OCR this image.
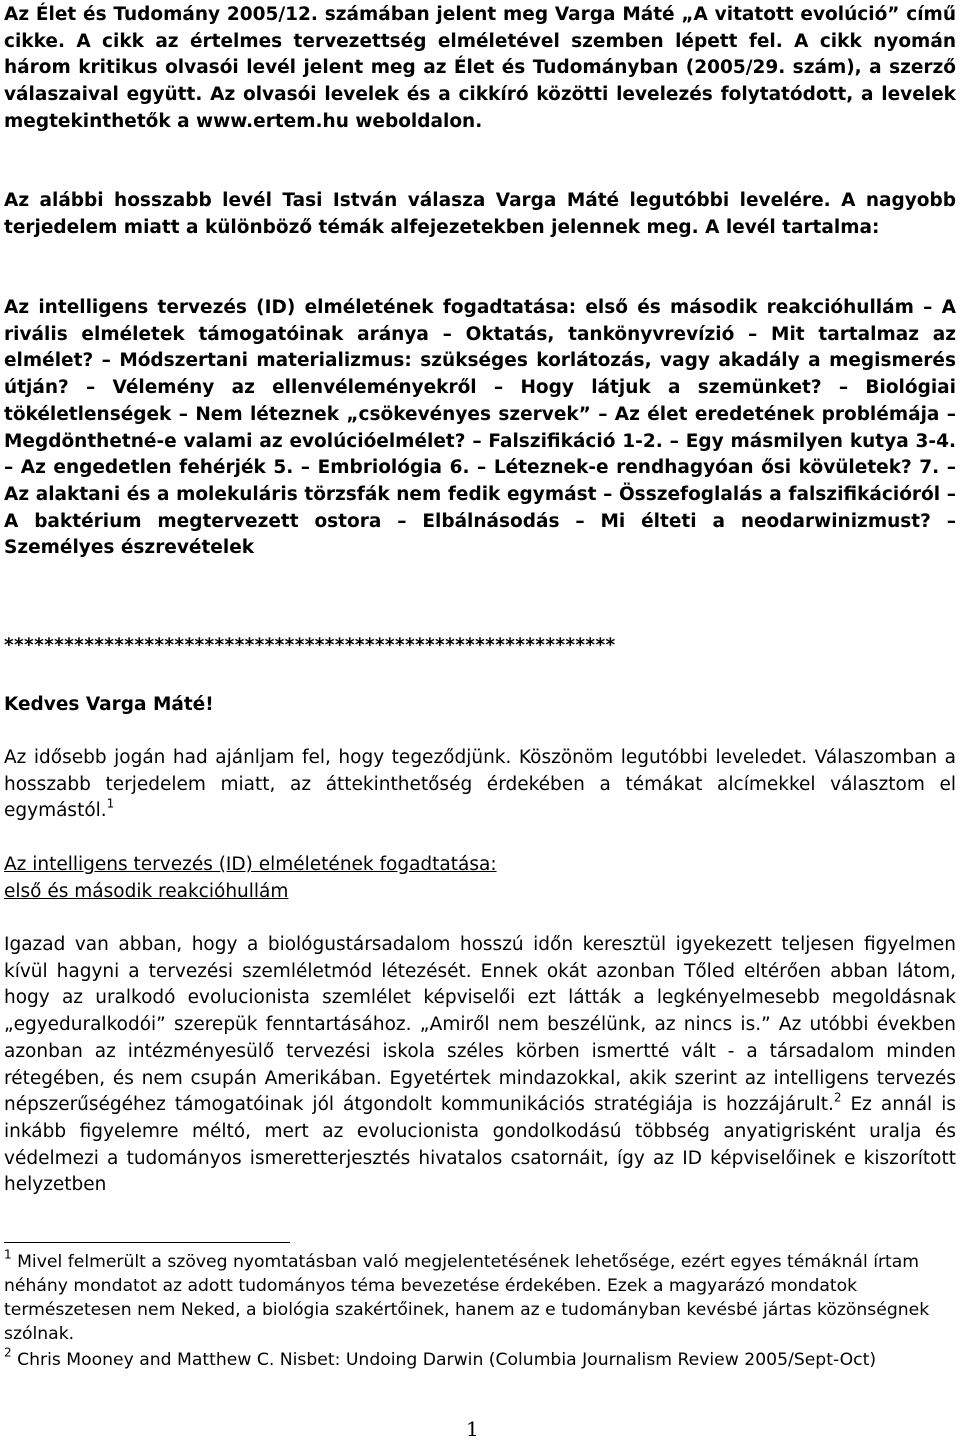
Az Élet és Tudomány 2005/12. számában jelent meg Varga Máté „A vitatott evolúció” című cikke. A cikk az értelmes tervezettség elméletével szemben lépett fel. A cikk nyomán három kritikus olvasói levél jelent meg az Élet és Tudományban (2005/29. szám), a szerző válaszaival együtt. Az olvasói levelek és a cikkíró közötti levelezés folytatódott, a levelek megtekinthetők a www.ertem.hu weboldalon.

Az alábbi hosszabb levél Tasi István válasza Varga Máté legutóbbi levelére. A nagyobb terjedelem miatt a különböző témák alfejezetekben jelennek meg. A levél tartalma:

Az intelligens tervezés (ID) elméletének fogadtatása: első és második reakcióhullám – A rivális elméletek támogatóinak aránya – Oktatás, tankönyvrevízió – Mit tartalmaz az elmélet? – Módszertani materializmus: szükséges korlátozás, vagy akadály a megismerés útján? – Vélemény az ellenvéleményekről – Hogy látjuk a szemünket? – Biológiai tökéletlenségek – Nem léteznek „csökevényes szervek” – Az élet eredetének problémája – Megdönthetné-e valami az evolúcióelmélet? – Falszifikáció 1-2. – Egy másmilyen kutya 3-4. – Az engedetlen fehérjék 5. – Embriológia 6. – Léteznek-e rendhagyóan ősi kövületek? 7. – Az alaktani és a molekuláris törzsfák nem fedik egymást – Összefoglalás a falszifikációról – A baktérium megtervezett ostora – Elbálnásodás – Mi élteti a neodarwinizmust? – Személyes észrevételek

*************************************************************

Kedves Varga Máté!

Az idősebb jogán had ajánljam fel, hogy tegeződjünk. Köszönöm legutóbbi leveledet. Válaszomban a hosszabb terjedelem miatt, az áttekinthetőség érdekében a témákat alcímekkel választom el egymástól.$^1$

Az intelligens tervezés (ID) elméletének fogadtatása:

első és második reakcióhullám

Igazad van abban, hogy a biológustársadalom hosszú időn keresztül igyekezett teljesen figyelmen kívül hagyni a tervezési szemléletmód létezését. Ennek okát azonban Tőled eltérően abban látom, hogy az uralkodó evolucionista szemlélet képviselői ezt látták a legkényelmesebb megoldásnak „egyeduralkodói” szerepük fenntartásához. „Amiről nem beszélünk, az nincs is.” Az utóbbi években azonban az intézményesülő tervezési iskola széles körben ismertté vált - a társadalom minden rétegében, és nem csupán Amerikában. Egyetértek mindazokkal, akik szerint az intelligens tervezés népszerűségéhez támogatóinak jól átgondolt kommunikációs stratégiája is hozzájárult.$^2$ Ez annál is inkább figyelemre méltó, mert az evolucionista gondolkodású többség anyatigrisként uralja és védelmezi a tudományos ismeretterjesztés hivatalos csatornáit, így az ID képviselőinek e kiszorított helyzetben

$^1$ Mivel felmerült a szöveg nyomtatásban való megjelentetésének lehetősége, ezért egyes témáknál írtam néhány mondatot az adott tudományos téma bevezetése érdekében. Ezek a magyarázó mondatok természetesen nem Neked, a biológia szakértőinek, hanem az e tudományban kevésbé jártas közönségnek szólnak.

$^2$ Chris Mooney and Matthew C. Nisbet: Undoing Darwin (Columbia Journalism Review 2005/Sept-Oct)

1
